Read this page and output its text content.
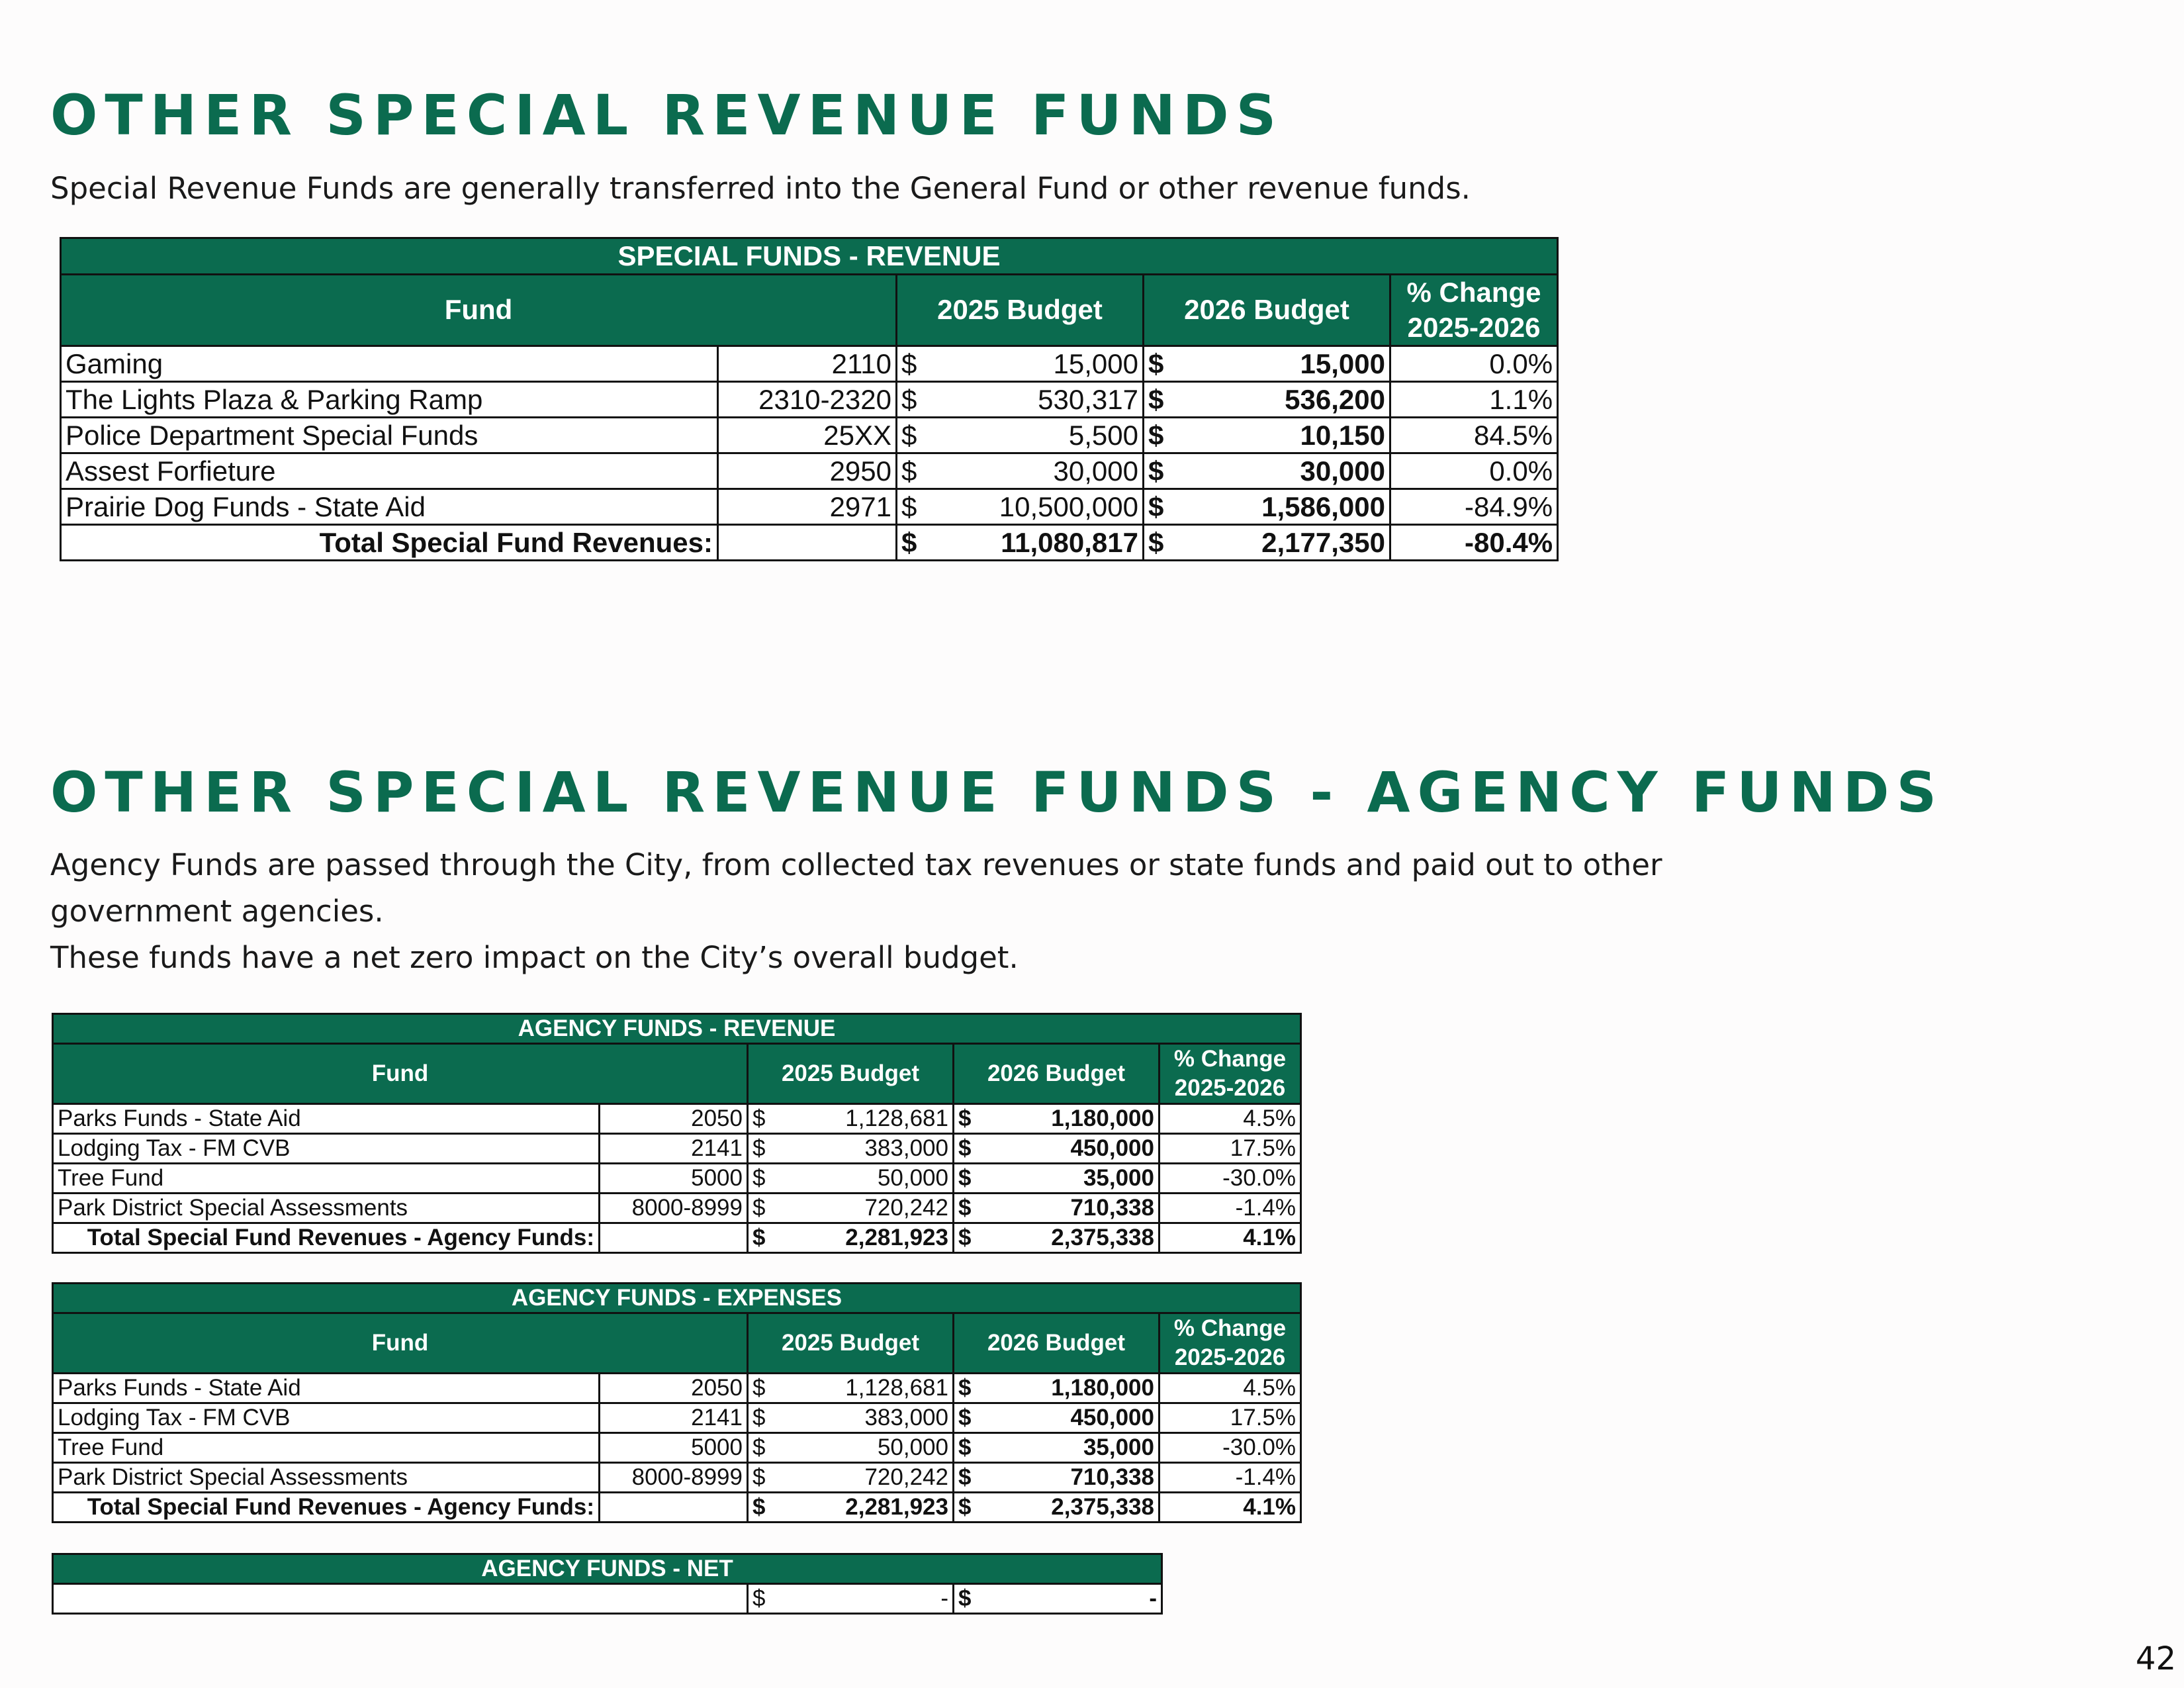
OTHER SPECIAL REVENUE FUNDS

Special Revenue Funds are generally transferred into the General Fund or other revenue funds.

SPECIAL FUNDS - REVENUE						
Fund		2025 Budget		2026 Budget		% Change
2025-2026
Gaming	2110	$	15,000	$	15,000	0.0%
The Lights Plaza & Parking Ramp	2310-2320	$	530,317	$	536,200	1.1%
Police Department Special Funds	25XX	$	5,500	$	10,150	84.5%
Assest Forfieture	2950	$	30,000	$	30,000	0.0%
Prairie Dog Funds - State Aid	2971	$	10,500,000	$	1,586,000	-84.9%
Total Special Fund Revenues:		$	11,080,817	$	2,177,350	-80.4%
OTHER SPECIAL REVENUE FUNDS - AGENCY FUNDS

Agency Funds are passed through the City, from collected tax revenues or state funds and paid out to other
government agencies.
These funds have a net zero impact on the City’s overall budget.

AGENCY FUNDS - REVENUE						
Fund		2025 Budget		2026 Budget		% Change
2025-2026
Parks Funds - State Aid	2050	$	1,128,681	$	1,180,000	4.5%
Lodging Tax - FM CVB	2141	$	383,000	$	450,000	17.5%
Tree Fund	5000	$	50,000	$	35,000	-30.0%
Park District Special Assessments	8000-8999	$	720,242	$	710,338	-1.4%
Total Special Fund Revenues - Agency Funds:		$	2,281,923	$	2,375,338	4.1%
AGENCY FUNDS - EXPENSES						
Fund		2025 Budget		2026 Budget		% Change
2025-2026
Parks Funds - State Aid	2050	$	1,128,681	$	1,180,000	4.5%
Lodging Tax - FM CVB	2141	$	383,000	$	450,000	17.5%
Tree Fund	5000	$	50,000	$	35,000	-30.0%
Park District Special Assessments	8000-8999	$	720,242	$	710,338	-1.4%
Total Special Fund Revenues - Agency Funds:		$	2,281,923	$	2,375,338	4.1%
AGENCY FUNDS - NET
	$	-	$	-
42
